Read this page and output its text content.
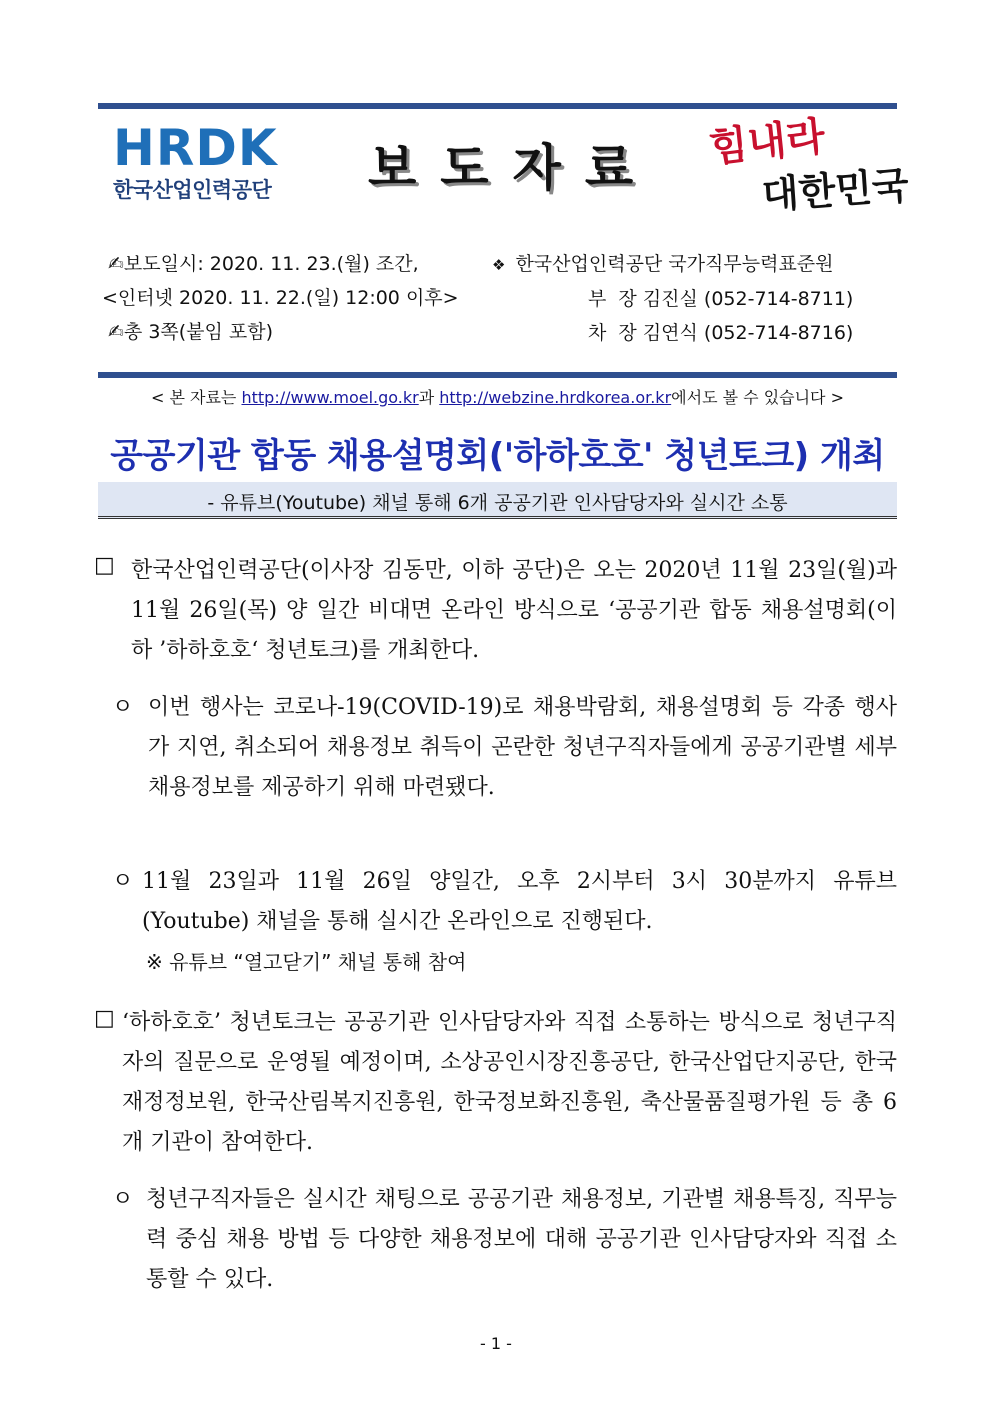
HRDK
한국산업인력공단 보도자료 힘내라
대한민국
✍보도일시: 2020. 11. 23.(월) 조간,
<인터넷 2020. 11. 22.(일) 12:00 이후>
✍총 3쪽(붙임 포함)
❖ 한국산업인력공단 국가직무능력표준원
부  장 김진실 (052-714-8711)
차  장 김연식 (052-714-8716)
< 본 자료는 http://www.moel.go.kr과 http://webzine.hrdkorea.or.kr에서도 볼 수 있습니다 >
공공기관 합동 채용설명회('하하호호' 청년토크) 개최
- 유튜브(Youtube) 채널 통해 6개 공공기관 인사담당자와 실시간 소통
□ 한국산업인력공단(이사장 김동만, 이하 공단)은 오는 2020년 11월 23일(월)과 11월 26일(목) 양 일간 비대면 온라인 방식으로 ‘공공기관 합동 채용설명회(이하 ’하하호호‘ 청년토크)를 개최한다.
ㅇ 이번 행사는 코로나-19(COVID-19)로 채용박람회, 채용설명회 등 각종 행사가 지연, 취소되어 채용정보 취득이 곤란한 청년구직자들에게 공공기관별 세부 채용정보를 제공하기 위해 마련됐다.
ㅇ 11월 23일과 11월 26일 양일간, 오후 2시부터 3시 30분까지 유튜브(Youtube) 채널을 통해 실시간 온라인으로 진행된다.
※ 유튜브 “열고닫기” 채널 통해 참여
□ ‘하하호호’ 청년토크는 공공기관 인사담당자와 직접 소통하는 방식으로 청년구직자의 질문으로 운영될 예정이며, 소상공인시장진흥공단, 한국산업단지공단, 한국재정정보원, 한국산림복지진흥원, 한국정보화진흥원, 축산물품질평가원 등 총 6개 기관이 참여한다.
ㅇ 청년구직자들은 실시간 채팅으로 공공기관 채용정보, 기관별 채용특징, 직무능력 중심 채용 방법 등 다양한 채용정보에 대해 공공기관 인사담당자와 직접 소통할 수 있다.
- 1 -
